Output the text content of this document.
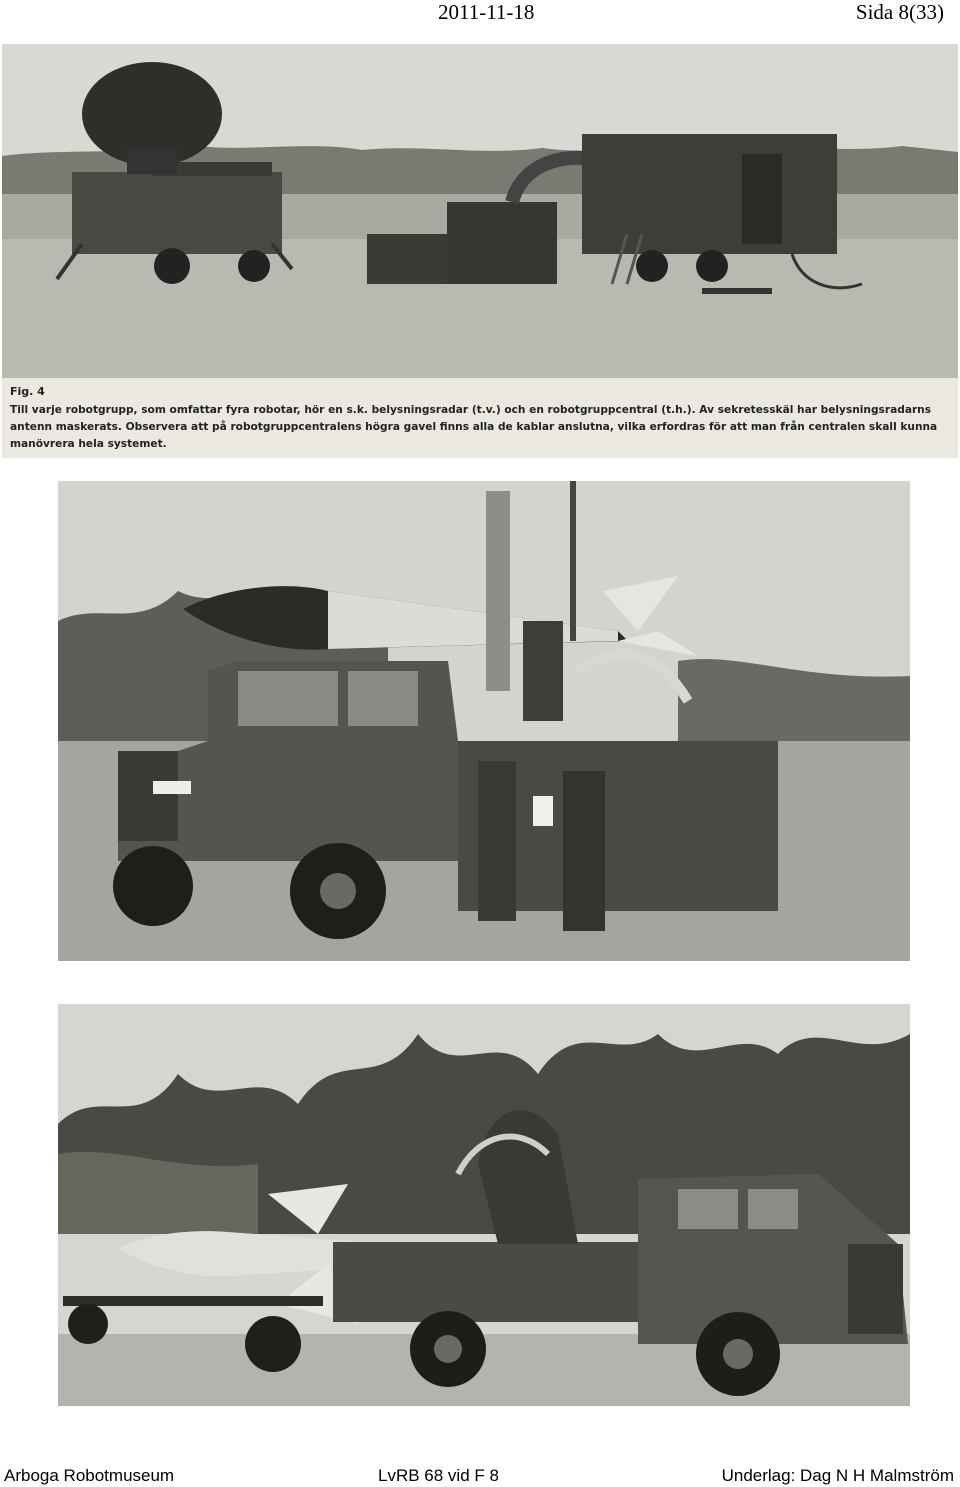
2011-11-18	Sida 8(33)
Fig. 4
Till varje robotgrupp, som omfattar fyra robotar, hör en s.k. belysningsradar (t.v.) och en robotgruppcentral (t.h.). Av sekretesskäl har belysningsradarns antenn maskerats. Observera att på robotgruppcentralens högra gavel finns alla de kablar anslutna, vilka erfordras för att man från centralen skall kunna manövrera hela systemet.
Arboga Robotmuseum	LvRB 68 vid F 8	Underlag: Dag N H Malmström
